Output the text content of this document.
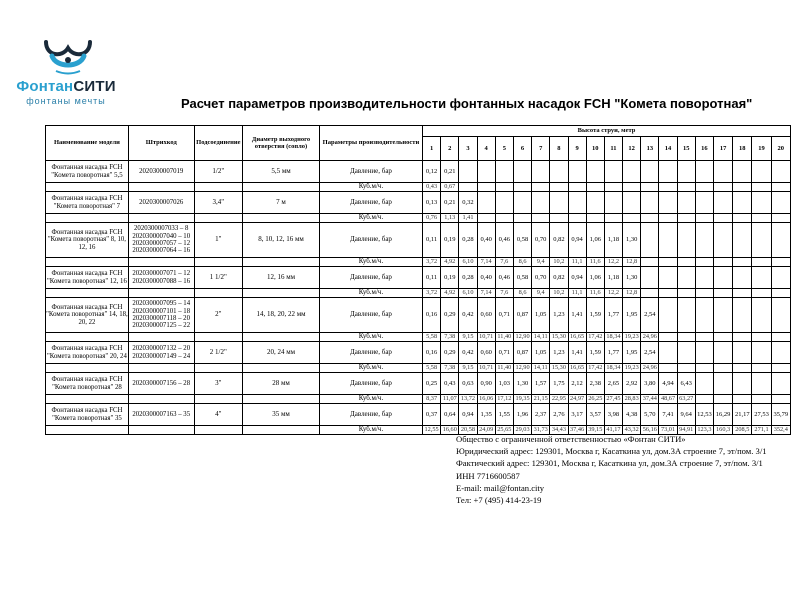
ФонтанСИТИ
фонтаны мечты	Расчет параметров производительности фонтанных насадок FCH "Комета поворотная"
Наименование модели	Штрихкод	Подсоединение	Диаметр выходного отверстия (сопло)	Параметры производительности	Высота струи, метр																			
					1	2	3	4	5	6	7	8	9	10	11	12	13	14	15	16	17	18	19	20
Фонтанная насадка FCH "Комета поворотная" 5,5	2020300007019	1/2"	5,5 мм	Давление, бар	0,12	0,21																		
				Куб.м/ч.	0,43	0,67																		
Фонтанная насадка FCH "Комета поворотная" 7	2020300007026	3,4"	7 м	Давление, бар	0,13	0,21	0,32																	
				Куб.м/ч.	0,76	1,13	1,41																	
Фонтанная насадка FCH "Комета поворотная" 8, 10, 12, 16	2020300007033 – 8
2020300007040 – 10
2020300007057 – 12
2020300007064 – 16	1"	8, 10, 12, 16 мм	Давление, бар	0,11	0,19	0,28	0,40	0,46	0,58	0,70	0,82	0,94	1,06	1,18	1,30								
				Куб.м/ч.	3,72	4,92	6,10	7,14	7,6	8,6	9,4	10,2	11,1	11,6	12,2	12,8								
Фонтанная насадка FCH "Комета поворотная" 12, 16	2020300007071 – 12
2020300007088 – 16	1 1/2"	12, 16 мм	Давление, бар	0,11	0,19	0,28	0,40	0,46	0,58	0,70	0,82	0,94	1,06	1,18	1,30								
				Куб.м/ч.	3,72	4,92	6,10	7,14	7,6	8,6	9,4	10,2	11,1	11,6	12,2	12,8								
Фонтанная насадка FCH "Комета поворотная" 14, 18, 20, 22	2020300007095 – 14
2020300007101 – 18
2020300007118 – 20
2020300007125 – 22	2"	14, 18, 20, 22 мм	Давление, бар	0,16	0,29	0,42	0,60	0,71	0,87	1,05	1,23	1,41	1,59	1,77	1,95	2,54							
				Куб.м/ч.	5,58	7,38	9,15	10,71	11,40	12,90	14,11	15,30	16,65	17,42	18,34	19,23	24,96							
Фонтанная насадка FCH "Комета поворотная" 20, 24	2020300007132 – 20
2020300007149 – 24	2 1/2"	20, 24 мм	Давление, бар	0,16	0,29	0,42	0,60	0,71	0,87	1,05	1,23	1,41	1,59	1,77	1,95	2,54							
				Куб.м/ч.	5,58	7,38	9,15	10,71	11,40	12,90	14,11	15,30	16,65	17,42	18,34	19,23	24,96							
Фонтанная насадка FCH "Комета поворотная" 28	2020300007156 – 28	3"	28 мм	Давление, бар	0,25	0,43	0,63	0,90	1,03	1,30	1,57	1,75	2,12	2,38	2,65	2,92	3,80	4,94	6,43					
				Куб.м/ч.	8,37	11,07	13,72	16,06	17,12	19,35	21,15	22,95	24,97	26,25	27,45	28,83	37,44	48,67	63,27					
Фонтанная насадка FCH "Комета поворотная" 35	2020300007163 – 35	4"	35 мм	Давление, бар	0,37	0,64	0,94	1,35	1,55	1,96	2,37	2,76	3,17	3,57	3,98	4,38	5,70	7,41	9,64	12,53	16,29	21,17	27,53	35,79
				Куб.м/ч.	12,55	16,60	20,58	24,09	25,65	29,03	31,73	34,43	37,46	39,15	41,17	43,32	56,16	73,01	94,91	123,3	160,3	208,5	271,1	352,4
Общество с ограниченной ответственностью «Фонтан СИТИ»
Юридический адрес: 129301, Москва г, Касаткина ул, дом.3А строение 7, эт/пом. 3/1
Фактический адрес: 129301, Москва г, Касаткина ул, дом.3А строение 7, эт/пом. 3/1
ИНН 7716600587
E-mail: mail@fontan.city
Тел: +7 (495) 414-23-19
